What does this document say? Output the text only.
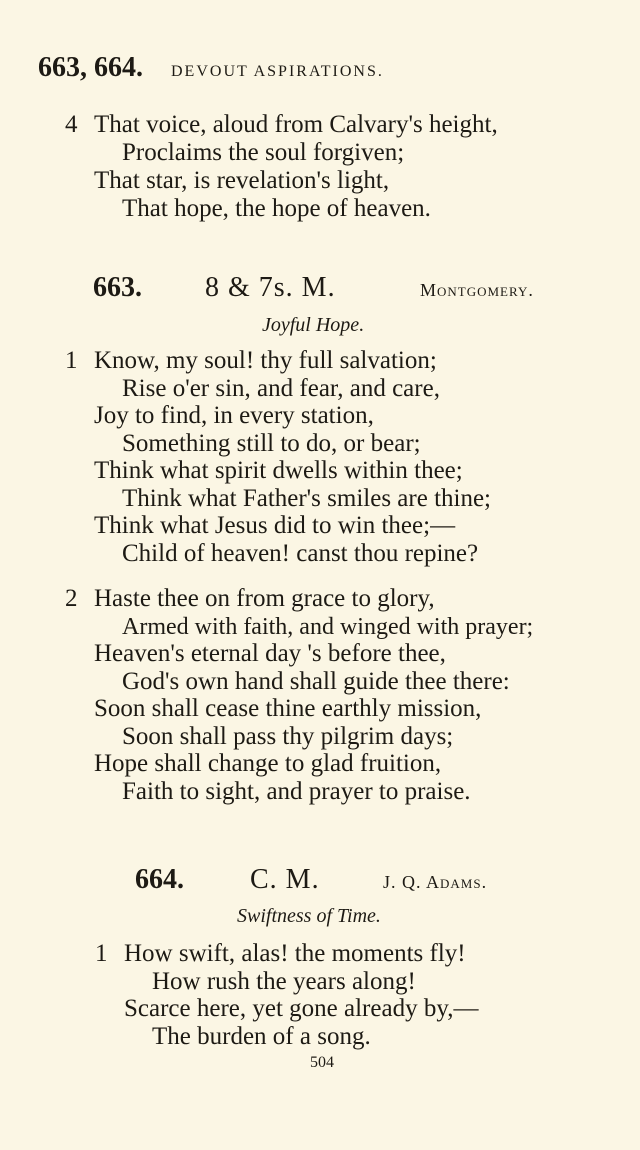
663, 664. DEVOUT ASPIRATIONS.
4 That voice, aloud from Calvary's height,
Proclaims the soul forgiven;
That star, is revelation's light,
That hope, the hope of heaven.
663. 8 & 7s. M.	Montgomery.
Joyful Hope.
1 Know, my soul! thy full salvation;
Rise o'er sin, and fear, and care,
Joy to find, in every station,
Something still to do, or bear;
Think what spirit dwells within thee;
Think what Father's smiles are thine;
Think what Jesus did to win thee;—
Child of heaven! canst thou repine?
2 Haste thee on from grace to glory,
Armed with faith, and winged with prayer;
Heaven's eternal day 's before thee,
God's own hand shall guide thee there:
Soon shall cease thine earthly mission,
Soon shall pass thy pilgrim days;
Hope shall change to glad fruition,
Faith to sight, and prayer to praise.
664. C. M.	J. Q. Adams.
Swiftness of Time.
1 How swift, alas! the moments fly!
How rush the years along!
Scarce here, yet gone already by,—
The burden of a song.
504
